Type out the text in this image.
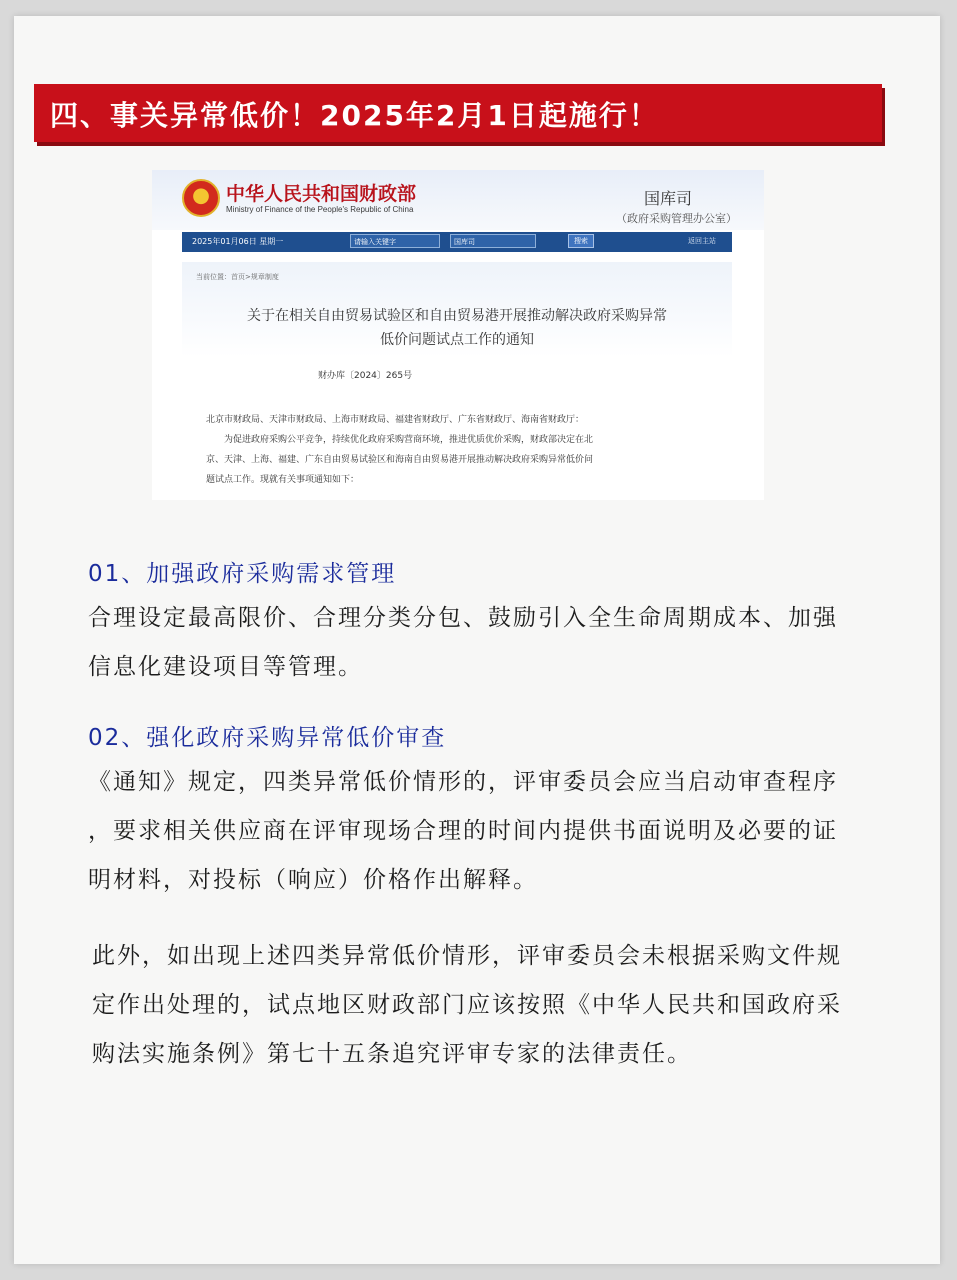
四、事关异常低价！2025年2月1日起施行！
中华人民共和国财政部
Ministry of Finance of the People's Republic of China
国库司
（政府采购管理办公室）
2025年01月06日 星期一	请输入关键字	国库司	搜索	返回主站
当前位置：首页>规章制度
关于在相关自由贸易试验区和自由贸易港开展推动解决政府采购异常
低价问题试点工作的通知
财办库〔2024〕265号

北京市财政局、天津市财政局、上海市财政局、福建省财政厅、广东省财政厅、海南省财政厅：

为促进政府采购公平竞争，持续优化政府采购营商环境，推进优质优价采购，财政部决定在北

京、天津、上海、福建、广东自由贸易试验区和海南自由贸易港开展推动解决政府采购异常低价问

题试点工作。现就有关事项通知如下：

01、加强政府采购需求管理

合理设定最高限价、合理分类分包、鼓励引入全生命周期成本、加强

信息化建设项目等管理。

02、强化政府采购异常低价审查

《通知》规定，四类异常低价情形的，评审委员会应当启动审查程序

，要求相关供应商在评审现场合理的时间内提供书面说明及必要的证

明材料，对投标（响应）价格作出解释。

此外，如出现上述四类异常低价情形，评审委员会未根据采购文件规

定作出处理的，试点地区财政部门应该按照《中华人民共和国政府采

购法实施条例》第七十五条追究评审专家的法律责任。
